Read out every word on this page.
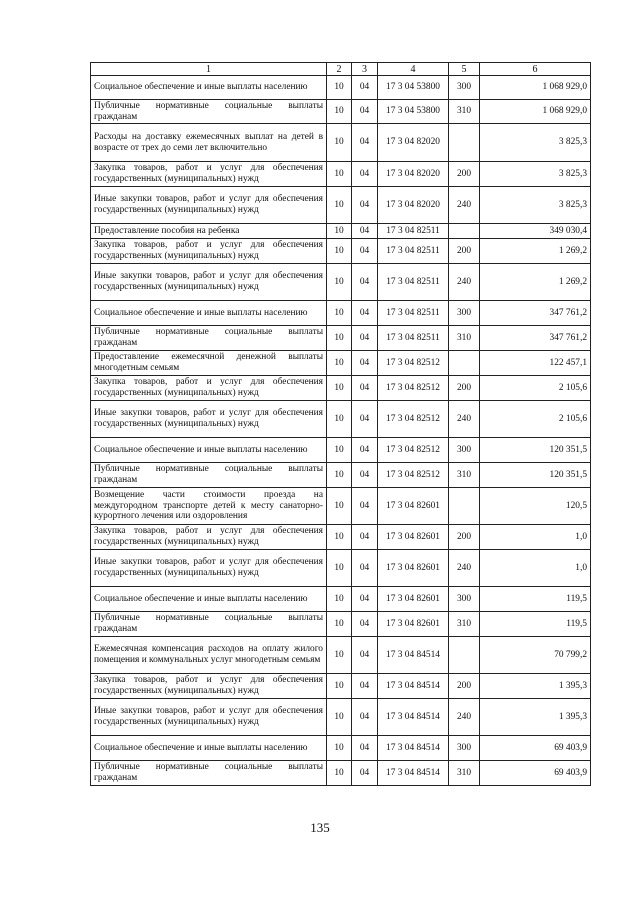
1	2	3	4	5	6
Социальное обеспечение и иные выплаты населению	10	04	17 3 04 53800	300	1 068 929,0
Публичные нормативные социальные выплаты гражданам	10	04	17 3 04 53800	310	1 068 929,0
Расходы на доставку ежемесячных выплат на детей в возрасте от трех до семи лет включительно	10	04	17 3 04 82020		3 825,3
Закупка товаров, работ и услуг для обеспечения государственных (муниципальных) нужд	10	04	17 3 04 82020	200	3 825,3
Иные закупки товаров, работ и услуг для обеспечения государственных (муниципальных) нужд	10	04	17 3 04 82020	240	3 825,3
Предоставление пособия на ребенка	10	04	17 3 04 82511		349 030,4
Закупка товаров, работ и услуг для обеспечения государственных (муниципальных) нужд	10	04	17 3 04 82511	200	1 269,2
Иные закупки товаров, работ и услуг для обеспечения государственных (муниципальных) нужд	10	04	17 3 04 82511	240	1 269,2
Социальное обеспечение и иные выплаты населению	10	04	17 3 04 82511	300	347 761,2
Публичные нормативные социальные выплаты гражданам	10	04	17 3 04 82511	310	347 761,2
Предоставление ежемесячной денежной выплаты многодетным семьям	10	04	17 3 04 82512		122 457,1
Закупка товаров, работ и услуг для обеспечения государственных (муниципальных) нужд	10	04	17 3 04 82512	200	2 105,6
Иные закупки товаров, работ и услуг для обеспечения государственных (муниципальных) нужд	10	04	17 3 04 82512	240	2 105,6
Социальное обеспечение и иные выплаты населению	10	04	17 3 04 82512	300	120 351,5
Публичные нормативные социальные выплаты гражданам	10	04	17 3 04 82512	310	120 351,5
Возмещение части стоимости проезда на междугородном транспорте детей к месту санаторно-курортного лечения или оздоровления	10	04	17 3 04 82601		120,5
Закупка товаров, работ и услуг для обеспечения государственных (муниципальных) нужд	10	04	17 3 04 82601	200	1,0
Иные закупки товаров, работ и услуг для обеспечения государственных (муниципальных) нужд	10	04	17 3 04 82601	240	1,0
Социальное обеспечение и иные выплаты населению	10	04	17 3 04 82601	300	119,5
Публичные нормативные социальные выплаты гражданам	10	04	17 3 04 82601	310	119,5
Ежемесячная компенсация расходов на оплату жилого помещения и коммунальных услуг многодетным семьям	10	04	17 3 04 84514		70 799,2
Закупка товаров, работ и услуг для обеспечения государственных (муниципальных) нужд	10	04	17 3 04 84514	200	1 395,3
Иные закупки товаров, работ и услуг для обеспечения государственных (муниципальных) нужд	10	04	17 3 04 84514	240	1 395,3
Социальное обеспечение и иные выплаты населению	10	04	17 3 04 84514	300	69 403,9
Публичные нормативные социальные выплаты гражданам	10	04	17 3 04 84514	310	69 403,9
135
